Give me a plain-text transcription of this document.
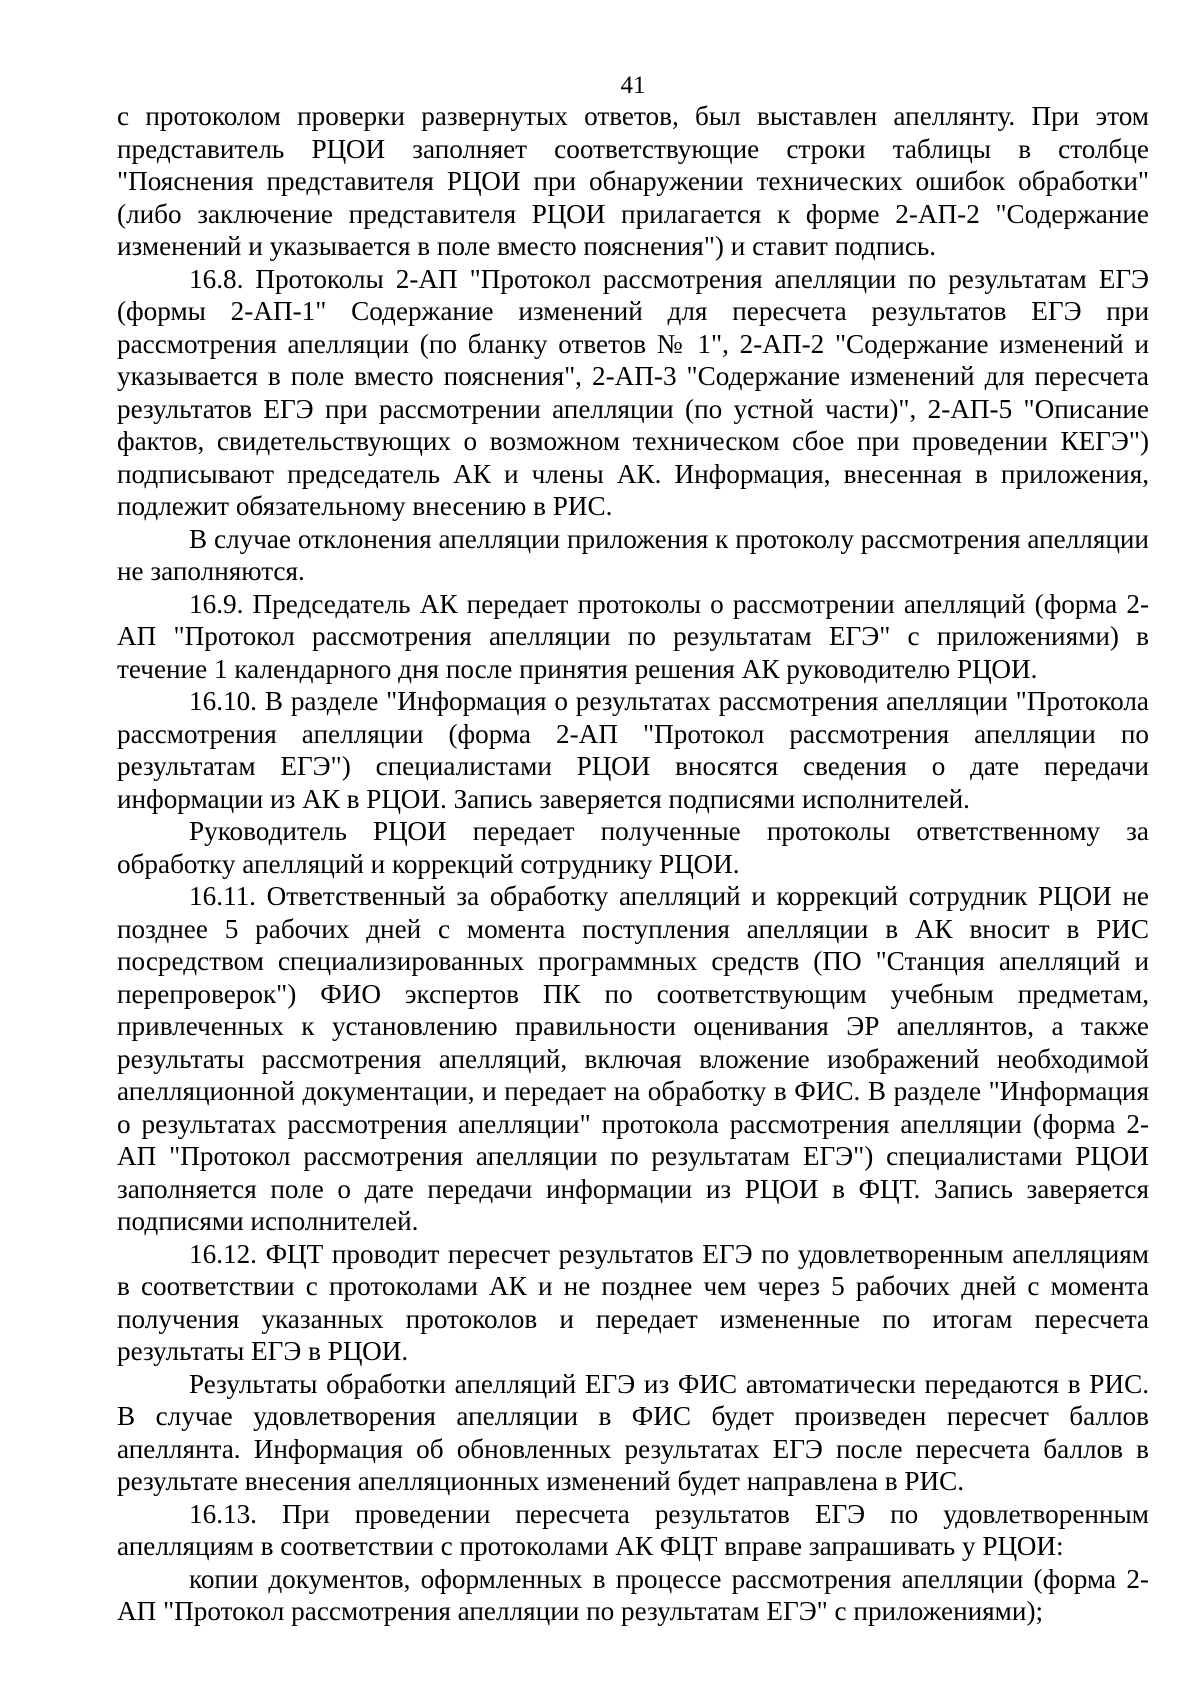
41

с протоколом проверки развернутых ответов, был выставлен апеллянту. При этом представитель РЦОИ заполняет соответствующие строки таблицы в столбце "Пояснения представителя РЦОИ при обнаружении технических ошибок обработки" (либо заключение представителя РЦОИ прилагается к форме 2-АП-2 "Содержание изменений и указывается в поле вместо пояснения") и ставит подпись.

16.8. Протоколы 2-АП "Протокол рассмотрения апелляции по результатам ЕГЭ (формы 2-АП-1" Содержание изменений для пересчета результатов ЕГЭ при рассмотрения апелляции (по бланку ответов № 1", 2-АП-2 "Содержание изменений и указывается в поле вместо пояснения", 2-АП-3 "Содержание изменений для пересчета результатов ЕГЭ при рассмотрении апелляции (по устной части)", 2-АП-5 "Описание фактов, свидетельствующих о возможном техническом сбое при проведении КЕГЭ") подписывают председатель АК и члены АК. Информация, внесенная в приложения, подлежит обязательному внесению в РИС.

В случае отклонения апелляции приложения к протоколу рассмотрения апелляции не заполняются.

16.9. Председатель АК передает протоколы о рассмотрении апелляций (форма 2-АП "Протокол рассмотрения апелляции по результатам ЕГЭ" с приложениями) в течение 1 календарного дня после принятия решения АК руководителю РЦОИ.

16.10. В разделе "Информация о результатах рассмотрения апелляции "Протокола рассмотрения апелляции (форма 2-АП "Протокол рассмотрения апелляции по результатам ЕГЭ") специалистами РЦОИ вносятся сведения о дате передачи информации из АК в РЦОИ. Запись заверяется подписями исполнителей.

Руководитель РЦОИ передает полученные протоколы ответственному за обработку апелляций и коррекций сотруднику РЦОИ.

16.11. Ответственный за обработку апелляций и коррекций сотрудник РЦОИ не позднее 5 рабочих дней с момента поступления апелляции в АК вносит в РИС посредством специализированных программных средств (ПО "Станция апелляций и перепроверок") ФИО экспертов ПК по соответствующим учебным предметам, привлеченных к установлению правильности оценивания ЭР апеллянтов, а также результаты рассмотрения апелляций, включая вложение изображений необходимой апелляционной документации, и передает на обработку в ФИС. В разделе "Информация о результатах рассмотрения апелляции" протокола рассмотрения апелляции (форма 2-АП "Протокол рассмотрения апелляции по результатам ЕГЭ") специалистами РЦОИ заполняется поле о дате передачи информации из РЦОИ в ФЦТ. Запись заверяется подписями исполнителей.

16.12. ФЦТ проводит пересчет результатов ЕГЭ по удовлетворенным апелляциям в соответствии с протоколами АК и не позднее чем через 5 рабочих дней с момента получения указанных протоколов и передает измененные по итогам пересчета результаты ЕГЭ в РЦОИ.

Результаты обработки апелляций ЕГЭ из ФИС автоматически передаются в РИС. В случае удовлетворения апелляции в ФИС будет произведен пересчет баллов апеллянта. Информация об обновленных результатах ЕГЭ после пересчета баллов в результате внесения апелляционных изменений будет направлена в РИС.

16.13. При проведении пересчета результатов ЕГЭ по удовлетворенным апелляциям в соответствии с протоколами АК ФЦТ вправе запрашивать у РЦОИ:

копии документов, оформленных в процессе рассмотрения апелляции (форма 2-АП "Протокол рассмотрения апелляции по результатам ЕГЭ" с приложениями);
